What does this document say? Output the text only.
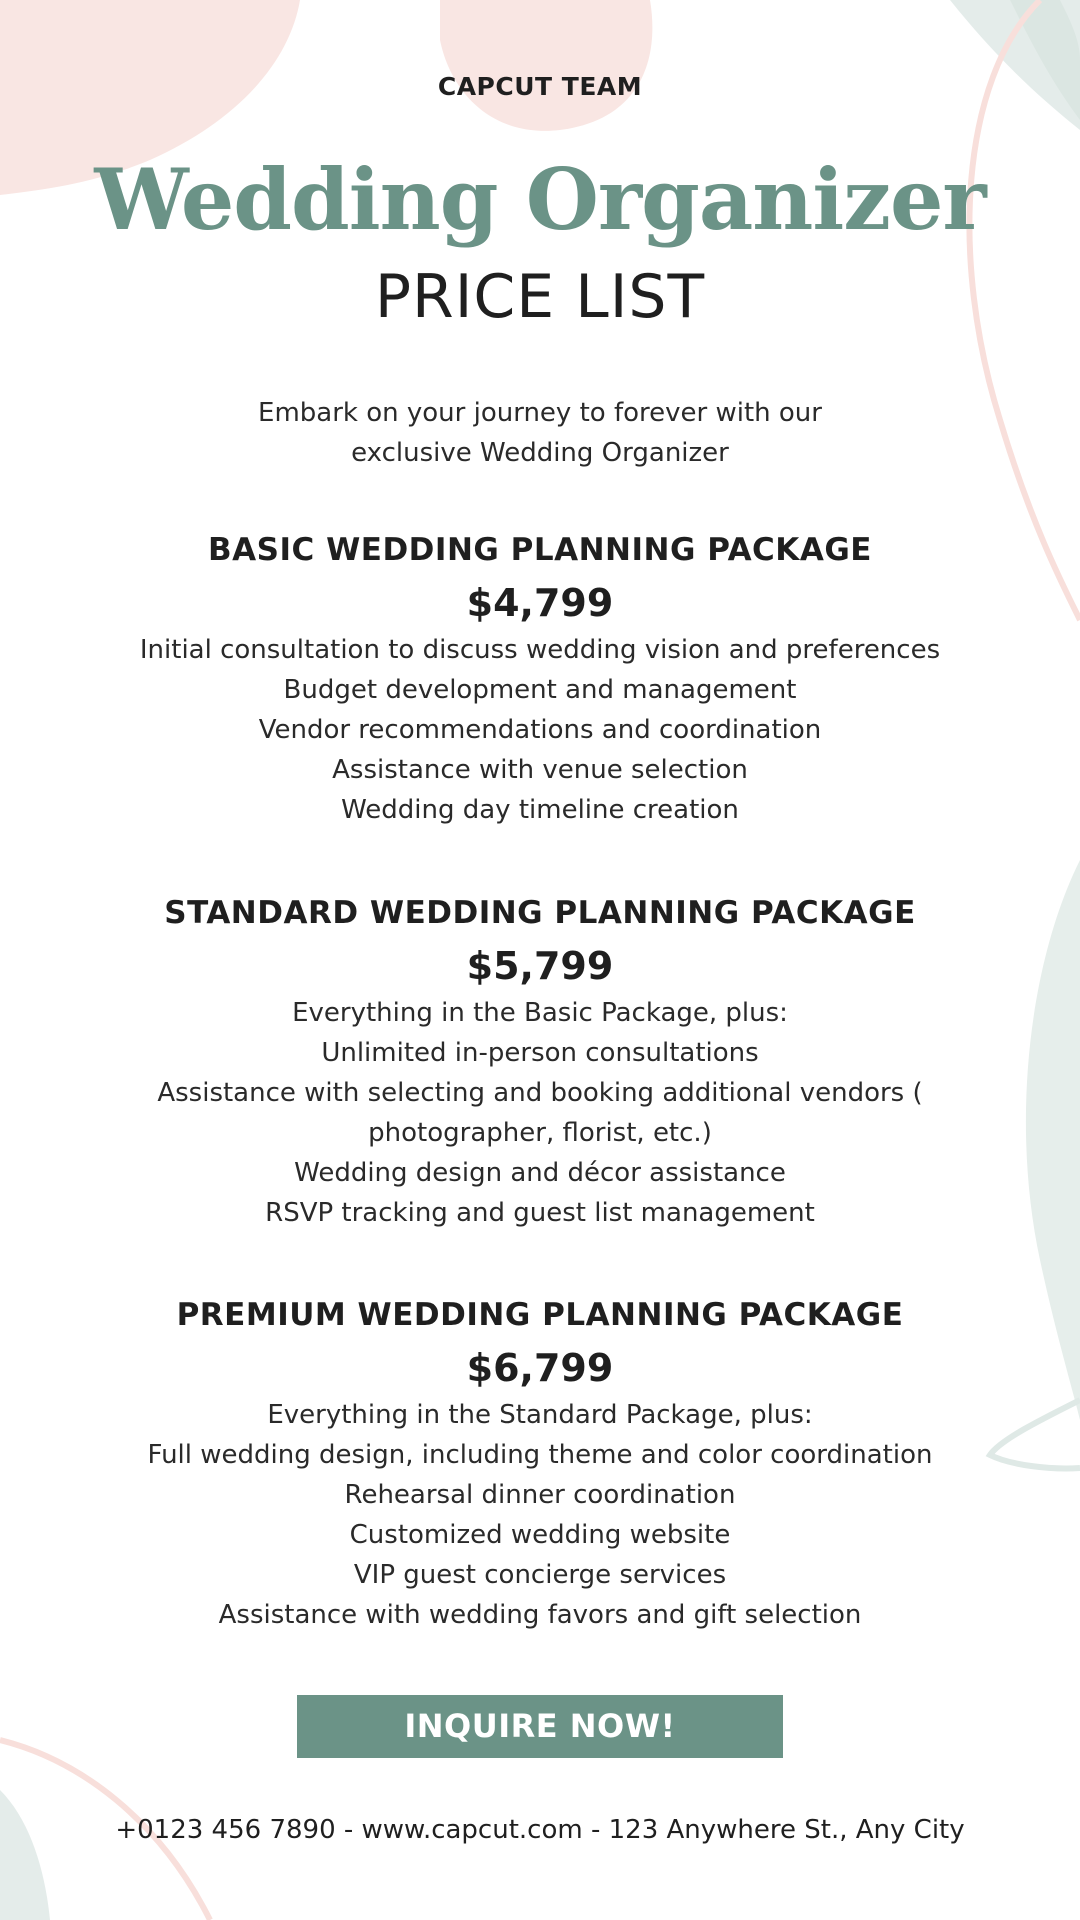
CAPCUT TEAM
Wedding Organizer
PRICE LIST
Embark on your journey to forever with our exclusive Wedding Organizer
BASIC WEDDING PLANNING PACKAGE
$4,799
Initial consultation to discuss wedding vision and preferences
Budget development and management
Vendor recommendations and coordination
Assistance with venue selection
Wedding day timeline creation
STANDARD WEDDING PLANNING PACKAGE
$5,799
Everything in the Basic Package, plus:
Unlimited in-person consultations
Assistance with selecting and booking additional vendors ( photographer, florist, etc.)
Wedding design and décor assistance
RSVP tracking and guest list management
PREMIUM WEDDING PLANNING PACKAGE
$6,799
Everything in the Standard Package, plus:
Full wedding design, including theme and color coordination
Rehearsal dinner coordination
Customized wedding website
VIP guest concierge services
Assistance with wedding favors and gift selection
INQUIRE NOW!
+0123 456 7890 - www.capcut.com - 123 Anywhere St., Any City
